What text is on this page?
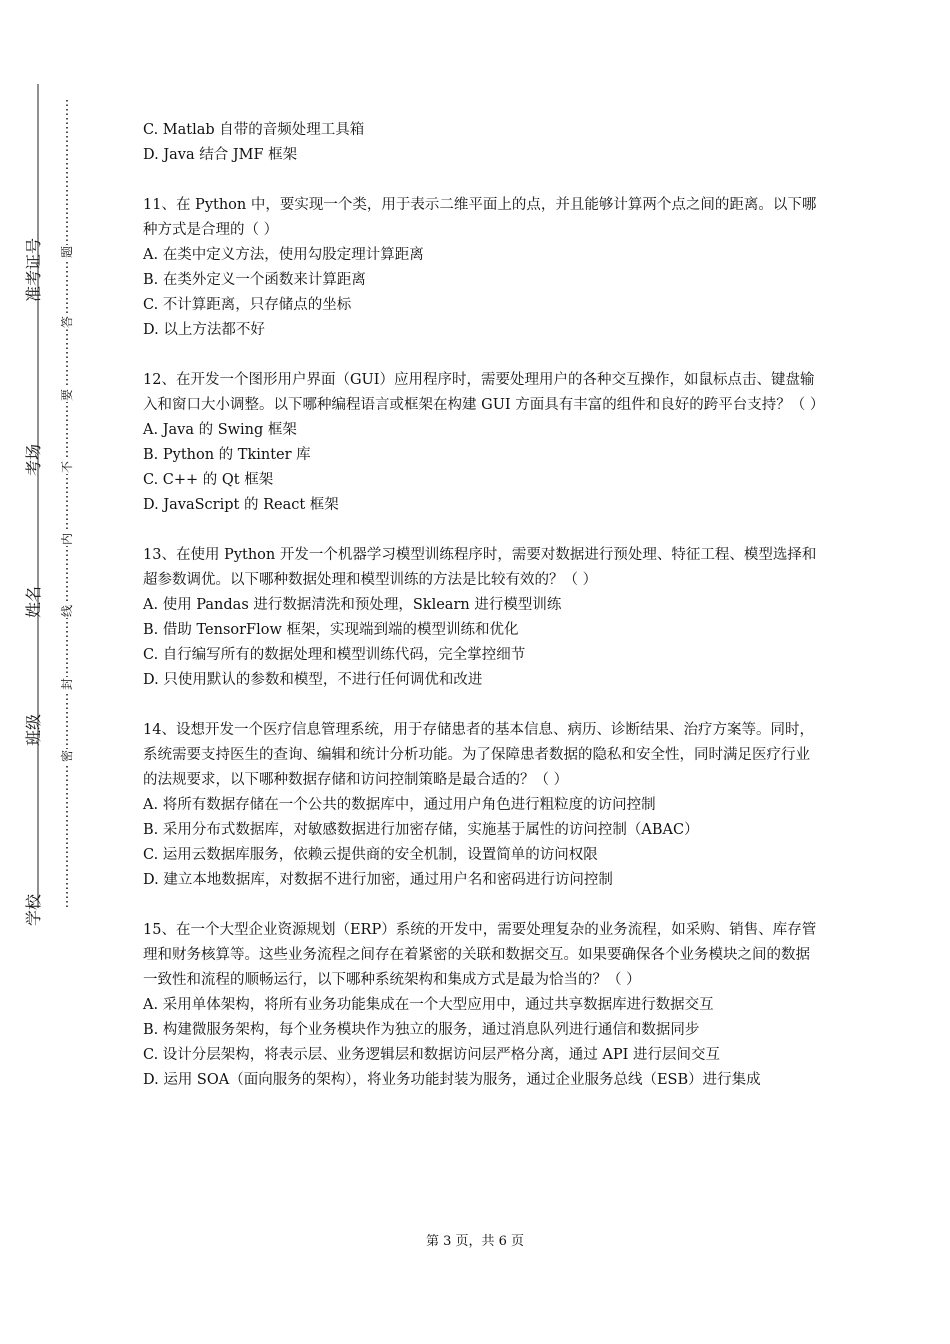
准考证号
考场
姓名
班级
学校
题
答
要
不
内
线
封
密

C. Matlab 自带的音频处理工具箱

D. Java 结合 JMF 框架

11、在 Python 中，要实现一个类，用于表示二维平面上的点，并且能够计算两个点之间的距离。以下哪种方式是合理的（ ）

A. 在类中定义方法，使用勾股定理计算距离

B. 在类外定义一个函数来计算距离

C. 不计算距离，只存储点的坐标

D. 以上方法都不好

12、在开发一个图形用户界面（GUI）应用程序时，需要处理用户的各种交互操作，如鼠标点击、键盘输入和窗口大小调整。以下哪种编程语言或框架在构建 GUI 方面具有丰富的组件和良好的跨平台支持？（ ）

A. Java 的 Swing 框架

B. Python 的 Tkinter 库

C. C++ 的 Qt 框架

D. JavaScript 的 React 框架

13、在使用 Python 开发一个机器学习模型训练程序时，需要对数据进行预处理、特征工程、模型选择和超参数调优。以下哪种数据处理和模型训练的方法是比较有效的？（ ）

A. 使用 Pandas 进行数据清洗和预处理，Sklearn 进行模型训练

B. 借助 TensorFlow 框架，实现端到端的模型训练和优化

C. 自行编写所有的数据处理和模型训练代码，完全掌控细节

D. 只使用默认的参数和模型，不进行任何调优和改进

14、设想开发一个医疗信息管理系统，用于存储患者的基本信息、病历、诊断结果、治疗方案等。同时，系统需要支持医生的查询、编辑和统计分析功能。为了保障患者数据的隐私和安全性，同时满足医疗行业的法规要求，以下哪种数据存储和访问控制策略是最合适的？（ ）

A. 将所有数据存储在一个公共的数据库中，通过用户角色进行粗粒度的访问控制

B. 采用分布式数据库，对敏感数据进行加密存储，实施基于属性的访问控制（ABAC）

C. 运用云数据库服务，依赖云提供商的安全机制，设置简单的访问权限

D. 建立本地数据库，对数据不进行加密，通过用户名和密码进行访问控制

15、在一个大型企业资源规划（ERP）系统的开发中，需要处理复杂的业务流程，如采购、销售、库存管理和财务核算等。这些业务流程之间存在着紧密的关联和数据交互。如果要确保各个业务模块之间的数据一致性和流程的顺畅运行，以下哪种系统架构和集成方式是最为恰当的？（ ）

A. 采用单体架构，将所有业务功能集成在一个大型应用中，通过共享数据库进行数据交互

B. 构建微服务架构，每个业务模块作为独立的服务，通过消息队列进行通信和数据同步

C. 设计分层架构，将表示层、业务逻辑层和数据访问层严格分离，通过 API 进行层间交互

D. 运用 SOA（面向服务的架构），将业务功能封装为服务，通过企业服务总线（ESB）进行集成

第 3 页，共 6 页
